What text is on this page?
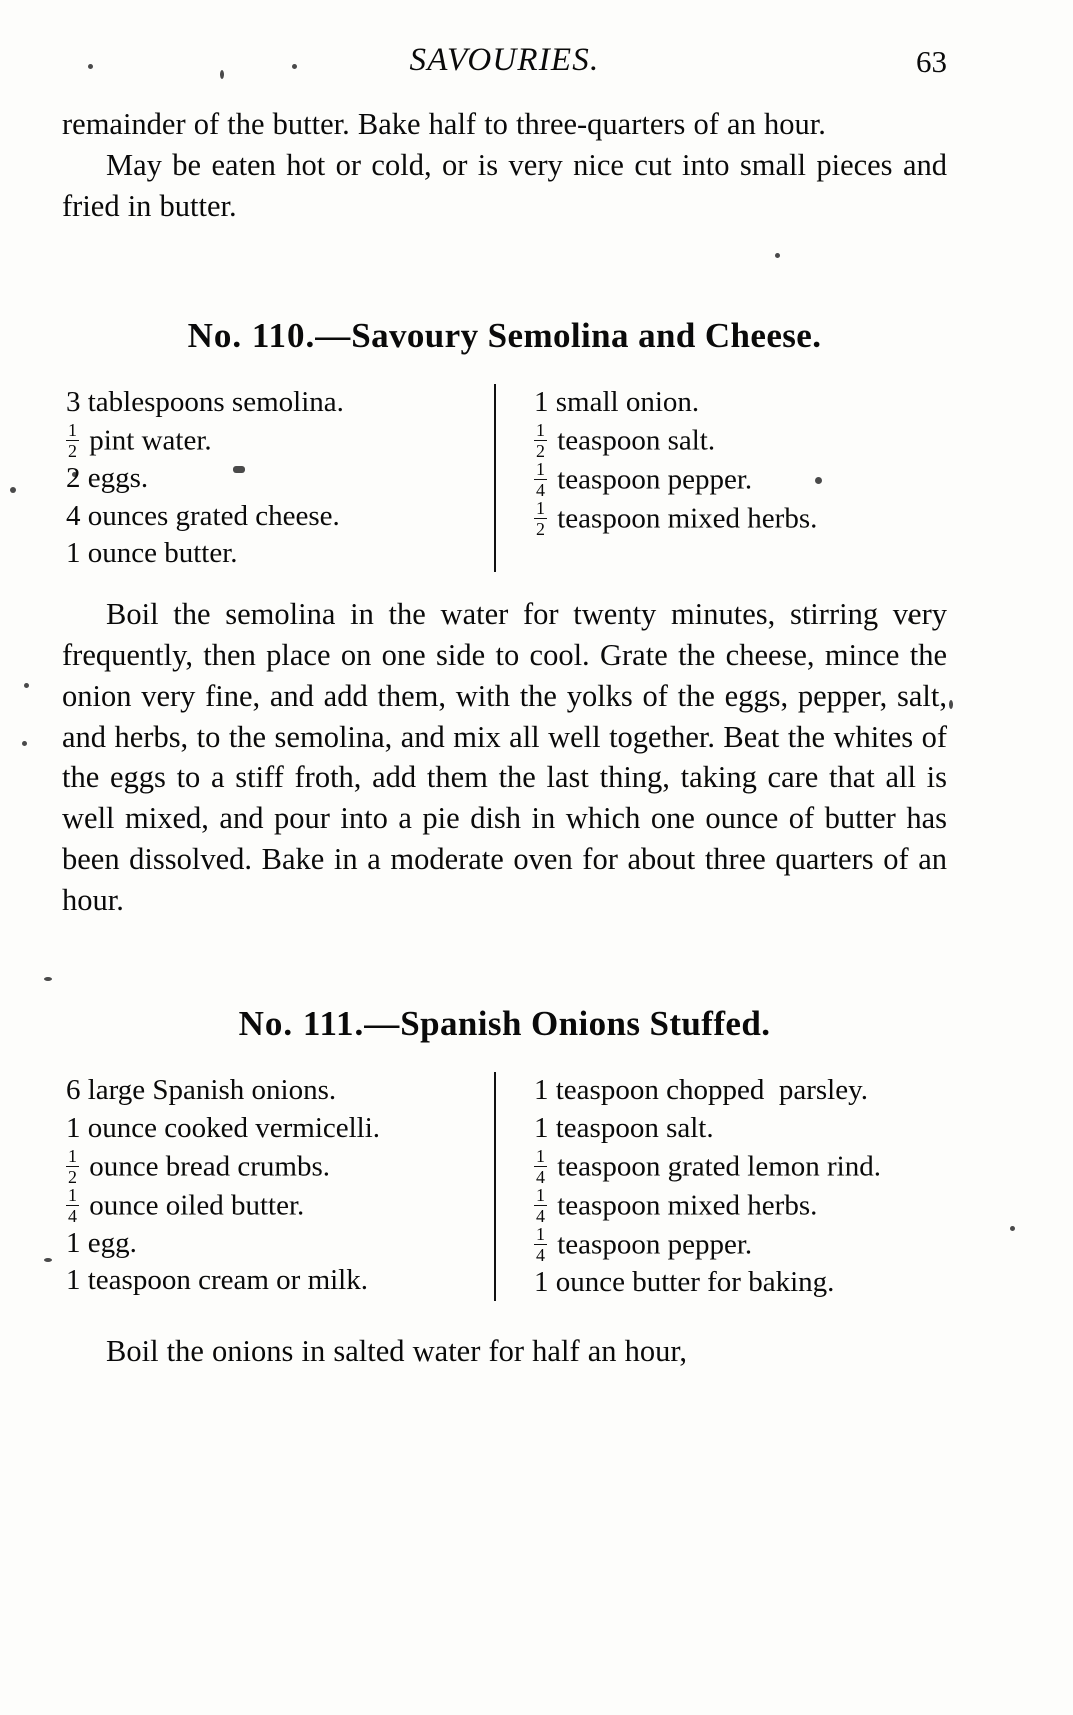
SAVOURIES.	63

remainder of the butter. Bake half to three-quarters of an hour.

May be eaten hot or cold, or is very nice cut into small pieces and fried in butter.

No. 110.—Savoury Semolina and Cheese.
3 tablespoons semolina.
$\frac{1}{2}$ pint water.
2 eggs.
4 ounces grated cheese.
1 ounce butter.
1 small onion.
$\frac{1}{2}$ teaspoon salt.
$\frac{1}{4}$ teaspoon pepper.
$\frac{1}{2}$ teaspoon mixed herbs.

Boil the semolina in the water for twenty minutes, stirring very frequently, then place on one side to cool. Grate the cheese, mince the onion very fine, and add them, with the yolks of the eggs, pepper, salt, and herbs, to the semolina, and mix all well together. Beat the whites of the eggs to a stiff froth, add them the last thing, taking care that all is well mixed, and pour into a pie dish in which one ounce of butter has been dissolved. Bake in a moderate oven for about three quarters of an hour.

No. 111.—Spanish Onions Stuffed.
6 large Spanish onions.
1 ounce cooked vermicelli.
$\frac{1}{2}$ ounce bread crumbs.
$\frac{1}{4}$ ounce oiled butter.
1 egg.
1 teaspoon cream or milk.
1 teaspoon chopped  parsley.
1 teaspoon salt.
$\frac{1}{4}$ teaspoon grated lemon rind.
$\frac{1}{4}$ teaspoon mixed herbs.
$\frac{1}{4}$ teaspoon pepper.
1 ounce butter for baking.

Boil the onions in salted water for half an hour,
